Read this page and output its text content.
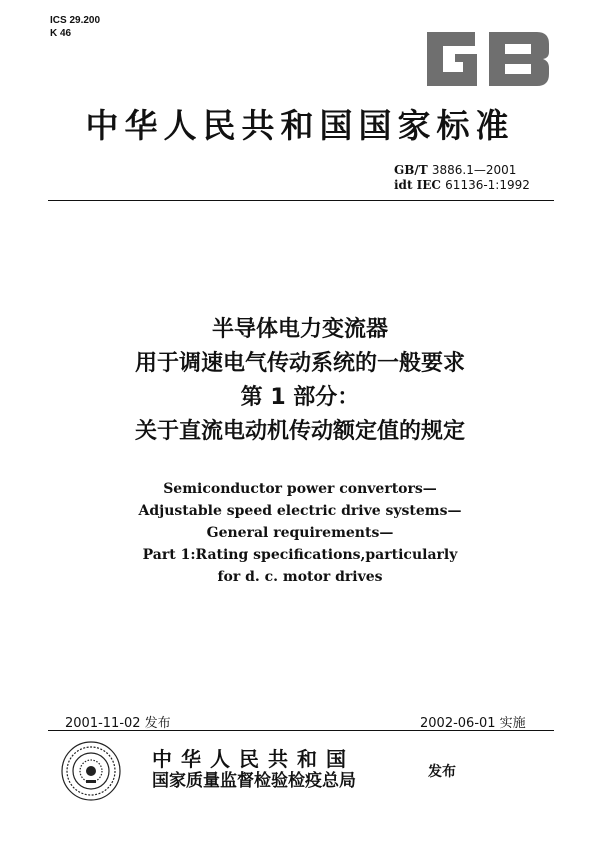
ICS 29.200
K 46
中华人民共和国国家标准
GB/T 3886.1—2001
idt IEC 61136-1:1992
半导体电力变流器
用于调速电气传动系统的一般要求
第 1 部分：
关于直流电动机传动额定值的规定
Semiconductor power convertors—
Adjustable speed electric drive systems—
General requirements—
Part 1:Rating specifications,particularly
for d. c. motor drives
2001-11-02 发布	2002-06-01 实施
中华人民共和国
国家质量监督检验检疫总局	发布
